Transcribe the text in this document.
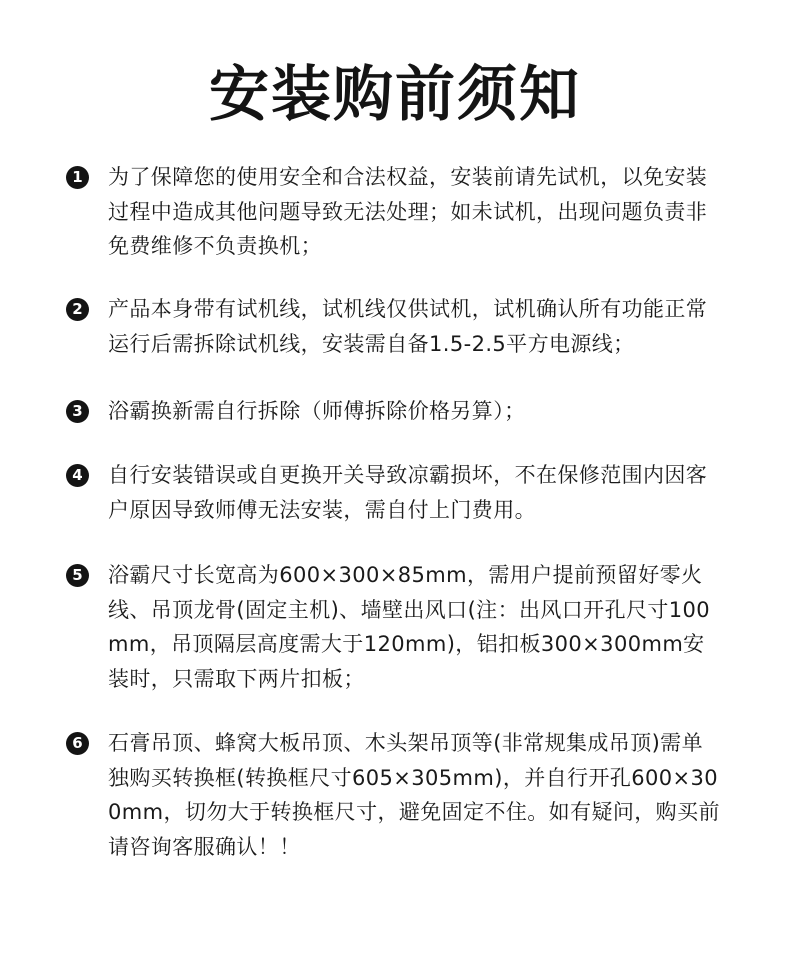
安装购前须知
1 为了保障您的使用安全和合法权益，安装前请先试机，以免安装过程中造成其他问题导致无法处理；如未试机，出现问题负责非免费维修不负责换机；
2 产品本身带有试机线，试机线仅供试机，试机确认所有功能正常运行后需拆除试机线，安装需自备1.5-2.5平方电源线；
3 浴霸换新需自行拆除（师傅拆除价格另算）；
4 自行安装错误或自更换开关导致凉霸损坏，不在保修范围内因客户原因导致师傅无法安装，需自付上门费用。
5 浴霸尺寸长宽高为600×300×85mm，需用户提前预留好零火线、吊顶龙骨(固定主机)、墙壁出风口(注：出风口开孔尺寸100mm，吊顶隔层高度需大于120mm)，铝扣板300×300mm安装时，只需取下两片扣板；
6 石膏吊顶、蜂窝大板吊顶、木头架吊顶等(非常规集成吊顶)需单独购买转换框(转换框尺寸605×305mm)，并自行开孔600×300mm，切勿大于转换框尺寸，避免固定不住。如有疑问，购买前请咨询客服确认！！
